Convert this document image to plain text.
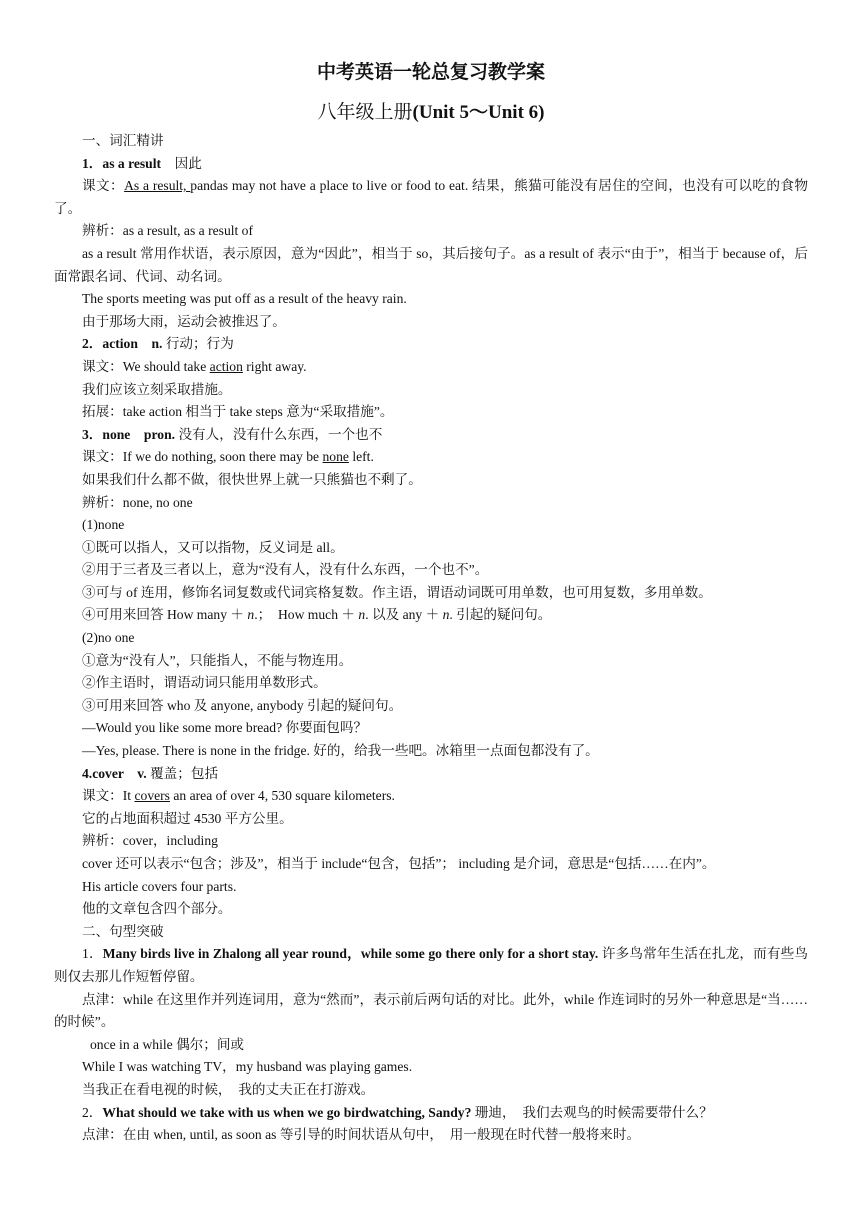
中考英语一轮总复习教学案
八年级上册(Unit 5～Unit 6)

一、词汇精讲

1．as a result　因此

课文：As a result, pandas may not have a place to live or food to eat. 结果，熊猫可能没有居住的空间，也没有可以吃的食物了。

辨析：as a result, as a result of

as a result 常用作状语，表示原因，意为“因此”，相当于 so，其后接句子。as a result of 表示“由于”，相当于 because of，后面常跟名词、代词、动名词。

The sports meeting was put off as a result of the heavy rain.

由于那场大雨，运动会被推迟了。

2．action　n. 行动；行为

课文：We should take action right away.

我们应该立刻采取措施。

拓展：take action 相当于 take steps 意为“采取措施”。

3．none　pron. 没有人，没有什么东西，一个也不

课文：If we do nothing, soon there may be none left.

如果我们什么都不做，很快世界上就一只熊猫也不剩了。

辨析：none, no one

(1)none

①既可以指人，又可以指物，反义词是 all。

②用于三者及三者以上，意为“没有人，没有什么东西，一个也不”。

③可与 of 连用，修饰名词复数或代词宾格复数。作主语，谓语动词既可用单数，也可用复数，多用单数。

④可用来回答 How many ＋ n.；　How much ＋ n. 以及 any ＋ n. 引起的疑问句。

(2)no one

①意为“没有人”，只能指人，不能与物连用。

②作主语时，谓语动词只能用单数形式。

③可用来回答 who 及 anyone, anybody 引起的疑问句。

—Would you like some more bread? 你要面包吗？

—Yes, please. There is none in the fridge. 好的，给我一些吧。冰箱里一点面包都没有了。

4.cover　v. 覆盖；包括

课文：It covers an area of over 4, 530 square kilometers.

它的占地面积超过 4530 平方公里。

辨析：cover，including

cover 还可以表示“包含；涉及”，相当于 include“包含，包括”； including 是介词，意思是“包括……在内”。

His article covers four parts.

他的文章包含四个部分。

二、句型突破

1．Many birds live in Zhalong all year round，while some go there only for a short stay. 许多鸟常年生活在扎龙，而有些鸟则仅去那儿作短暂停留。

点津：while 在这里作并列连词用，意为“然而”，表示前后两句话的对比。此外，while 作连词时的另外一种意思是“当……的时候”。

once in a while 偶尔；间或

While I was watching TV，my husband was playing games.

当我正在看电视的时候，　我的丈夫正在打游戏。

2．What should we take with us when we go birdwatching, Sandy? 珊迪，　我们去观鸟的时候需要带什么？

点津：在由 when, until, as soon as 等引导的时间状语从句中，　用一般现在时代替一般将来时。
